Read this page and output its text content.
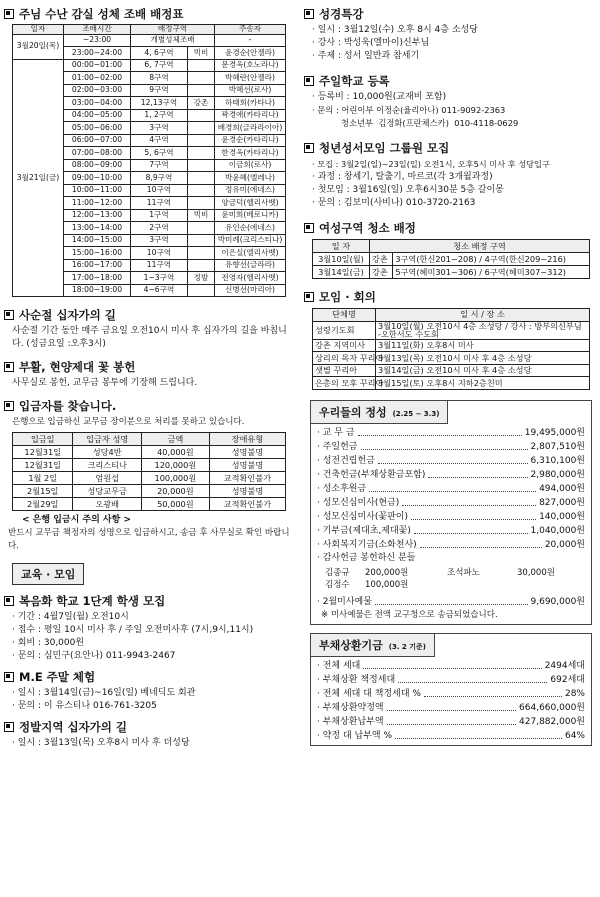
주님 수난 감실 성체 조배 배정표
일자	조배시간	배정구역		주송자
3월20일(목)	~23:00	개별성체조배		-
	23:00~24:00	4, 6구역	빅비	윤경순(안젤라)
3월21일(금)	00:00~01:00	6, 7구역		문경옥(호노라나)
	01:00~02:00	8구역		박혜란(안젤라)
	02:00~03:00	9구역		박혜선(로사)
	03:00~04:00	12,13구역	강촌	하태희(카타나)
	04:00~05:00	1, 2구역		곽경애(카타리나)
	05:00~06:00	3구역		배경희(글라라이아)
	06:00~07:00	4구역		윤경순(카타리나)
	07:00~08:00	5, 6구역		한경옥(카타리나)
	08:00~09:00	7구역		이금희(로사)
	09:00~10:00	8,9구역		박윤혜(엘레나)
	10:00~11:00	10구역		정유미(에네스)
	11:00~12:00	11구역		양금덕(헬리사벳)
	12:00~13:00	1구역	빅비	윤미희(베로니카)
	13:00~14:00	2구역		유인순(에네스)
	14:00~15:00	3구역		박미례(크리스티나)
	15:00~16:00	10구역		이은실(엘리사벳)
	16:00~17:00	11구역		유향선(글라라)
	17:00~18:00	1~3구역	정발	전영자(헬리사벳)
	18:00~19:00	4~6구역		신병선(마리아)
사순절 십자가의 길
사순절 기간 동안 매주 금요일 오전10시 미사 후 십자가의 길을 바칩니다. (성금요일 :오후3시)
부활, 현양제대 꽃 봉헌
사무실로 봉헌, 교무금 봉투에 기장해 드립니다.
입금자를 찾습니다.
은행으로 입금하신 교무금 장이분으로 처리를 못하고 있습니다.
입금일	입금자 성명	금액	장애유형
12월31일	성당4반	40,000원	성명불명
12월31일	크리스티나	120,000원	성명불명
1월 2일	엄원섭	100,000원	교적확인불가
2월15일	성당교무금	20,000원	성명불명
2월29일	오광배	50,000원	교적확인불가
< 은행 입금시 주의 사항 >
반드시 교무금 책정자의 성명으로 입금하시고, 송금 후 사무실로 확인 바랍니다.
교육 · 모임
복음화 학교 1단계 학생 모집
· 기간 : 4월7일(월) 오전10시
· 접수 : 평일 10시 미사 후 / 주일 오전미사후 (7시,9시,11시)
· 회비 : 30,000원
· 문의 : 심민구(요안나) 011-9943-2467
M.E 주말 체험
· 일시 : 3월14일(금)~16일(일) 베네딕도 회관
· 문의 : 이 유스티나 016-761-3205
정발지역 십자가의 길
· 일시 : 3월13일(목) 오후8시 미사 후 더성당
성경특강
· 일시 : 3월12일(수) 오후 8시 4층 소성당
· 강사 : 박성욱(엘마이)신부님
· 주제 : 성서 일반과 참세기
주일학교 등록
· 등록비 : 10,000원(교재비 포함)
· 문의 : 어린이부 이정순(율리아나) 011-9092-2363
청소년부  김정화(프란체스카)  010-4118-0629
청년성서모임 그룹원 모집
· 모집 : 3월2일(일)~23일(일) 오전1시, 오후5시 미사 후 성당입구
· 과정 : 창세기, 탈출기, 마르코(각 3개월과정)
· 첫모임 : 3월16일(일) 오후6시30분 5층 갈이몽
· 문의 : 김보미(사비나) 010-3720-2163
여성구역 청소 배정
일 자	청소 배정 구역	
3월10일(월)	강촌	3구역(한신201~208) / 4구역(한신209~216)
3월14일(금)	강촌	5구역(혜미301~306) / 6구역(혜미307~312)
모임 · 회의
단체명	일 시 / 장 소
성령기도회	3월10일(월) 오전10시 4층 소성당 / 강사 : 방부의신부님 -오한서도 수도회
강촌 지역미사	3월11일(화) 오후8시 미사
상리의 목자 꾸리아	3월13일(목) 오전10시 미사 후 4층 소성당
샛별 꾸리아	3월14일(금) 오전10시 미사 후 4층 소성당
은총의 모후 꾸리아	3월15일(토) 오후8시 지하2층친미
우리들의 정성 (2.25 ~ 3.3)
· 교 무 금	19,495,000원
· 주일헌금	2,807,510원
· 성전건립헌금	6,310,100원
· 건축헌금(부채상환금포함)	2,980,000원
· 성소후원금	494,000원
· 성모신심미사(현금)	827,000원
· 성모신심미사(꽃판이)	140,000원
· 기부금(제대초,제대꽃)	1,040,000원
· 사회복지기금(소화천사)	20,000원
· 감사헌금 봉헌하신 분들
김종규	200,000원	조석파노	30,000원
김정수	100,000원
· 2월미사예물	9,690,000원
※ 미사예물은 전액 교구청으로 송금되었습니다.
부채상환기금 (3. 2 기준)
· 전체 세대	2494세대
· 부채상환 책정세대	692세대
· 전체 세대 대 책정세대 %	28%
· 부채상환약정액	664,660,000원
· 부채상환납부액	427,882,000원
· 약정 대 납부액 %	64%
